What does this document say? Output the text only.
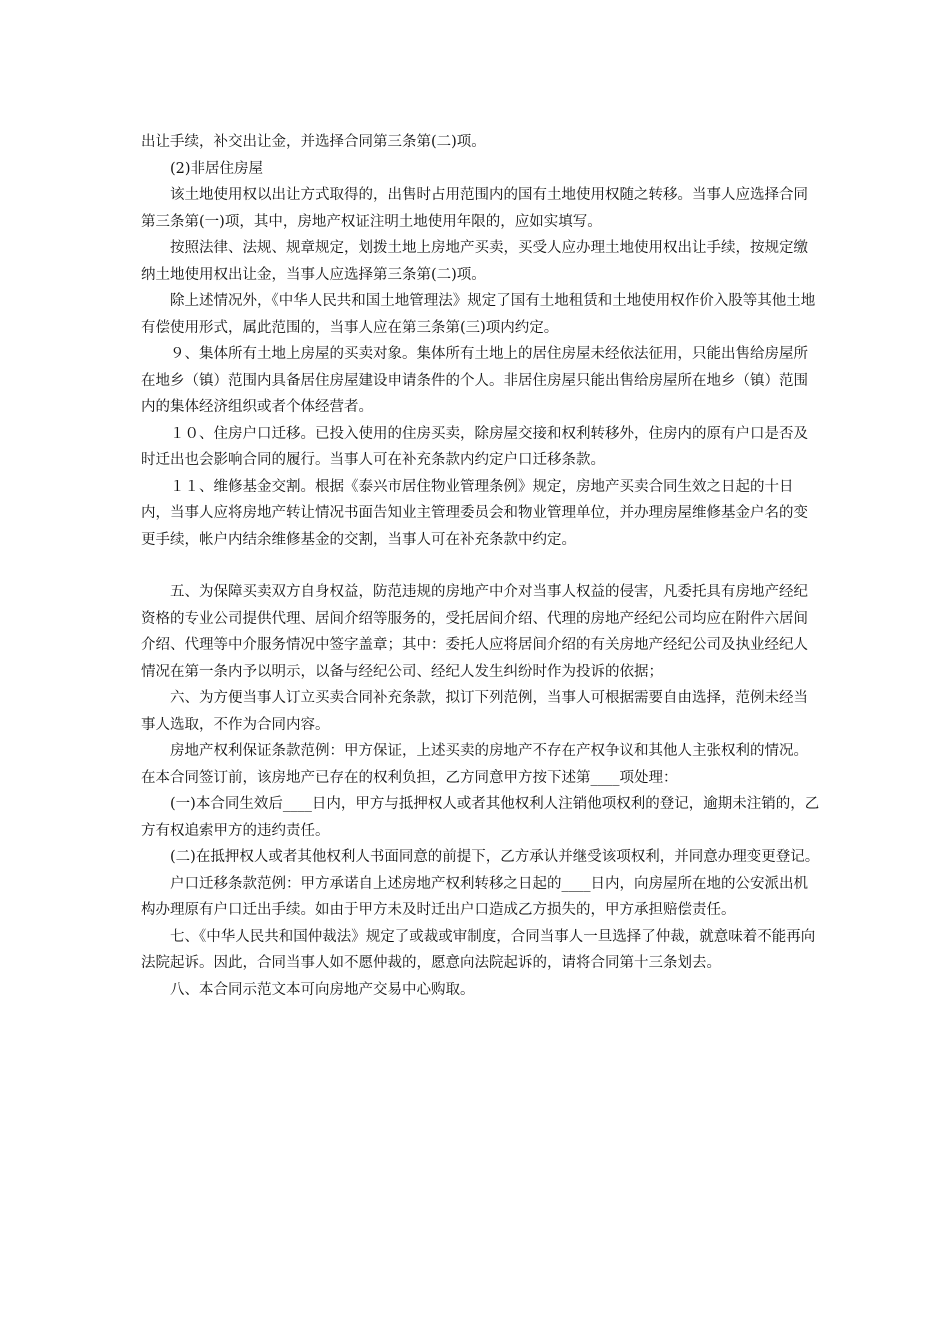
出让手续，补交出让金，并选择合同第三条第(二)项。

(2)非居住房屋

该土地使用权以出让方式取得的，出售时占用范围内的国有土地使用权随之转移。当事人应选择合同第三条第(一)项，其中，房地产权证注明土地使用年限的，应如实填写。

按照法律、法规、规章规定，划拨土地上房地产买卖，买受人应办理土地使用权出让手续，按规定缴纳土地使用权出让金，当事人应选择第三条第(二)项。

除上述情况外，《中华人民共和国土地管理法》规定了国有土地租赁和土地使用权作价入股等其他土地有偿使用形式，属此范围的，当事人应在第三条第(三)项内约定。

９、集体所有土地上房屋的买卖对象。集体所有土地上的居住房屋未经依法征用，只能出售给房屋所在地乡（镇）范围内具备居住房屋建设申请条件的个人。非居住房屋只能出售给房屋所在地乡（镇）范围内的集体经济组织或者个体经营者。

１０、住房户口迁移。已投入使用的住房买卖，除房屋交接和权利转移外，住房内的原有户口是否及时迁出也会影响合同的履行。当事人可在补充条款内约定户口迁移条款。

１１、维修基金交割。根据《泰兴市居住物业管理条例》规定，房地产买卖合同生效之日起的十日内，当事人应将房地产转让情况书面告知业主管理委员会和物业管理单位，并办理房屋维修基金户名的变更手续，帐户内结余维修基金的交割，当事人可在补充条款中约定。

五、为保障买卖双方自身权益，防范违规的房地产中介对当事人权益的侵害，凡委托具有房地产经纪资格的专业公司提供代理、居间介绍等服务的，受托居间介绍、代理的房地产经纪公司均应在附件六居间介绍、代理等中介服务情况中签字盖章；其中：委托人应将居间介绍的有关房地产经纪公司及执业经纪人情况在第一条内予以明示，以备与经纪公司、经纪人发生纠纷时作为投诉的依据；

六、为方便当事人订立买卖合同补充条款，拟订下列范例，当事人可根据需要自由选择，范例未经当事人选取，不作为合同内容。

房地产权利保证条款范例：甲方保证，上述买卖的房地产不存在产权争议和其他人主张权利的情况。在本合同签订前，该房地产已存在的权利负担，乙方同意甲方按下述第____项处理：

(一)本合同生效后____日内，甲方与抵押权人或者其他权利人注销他项权利的登记，逾期未注销的，乙方有权追索甲方的违约责任。

(二)在抵押权人或者其他权利人书面同意的前提下，乙方承认并继受该项权利，并同意办理变更登记。

户口迁移条款范例：甲方承诺自上述房地产权利转移之日起的____日内，向房屋所在地的公安派出机构办理原有户口迁出手续。如由于甲方未及时迁出户口造成乙方损失的，甲方承担赔偿责任。

七、《中华人民共和国仲裁法》规定了或裁或审制度，合同当事人一旦选择了仲裁，就意味着不能再向法院起诉。因此，合同当事人如不愿仲裁的，愿意向法院起诉的，请将合同第十三条划去。

八、本合同示范文本可向房地产交易中心购取。
